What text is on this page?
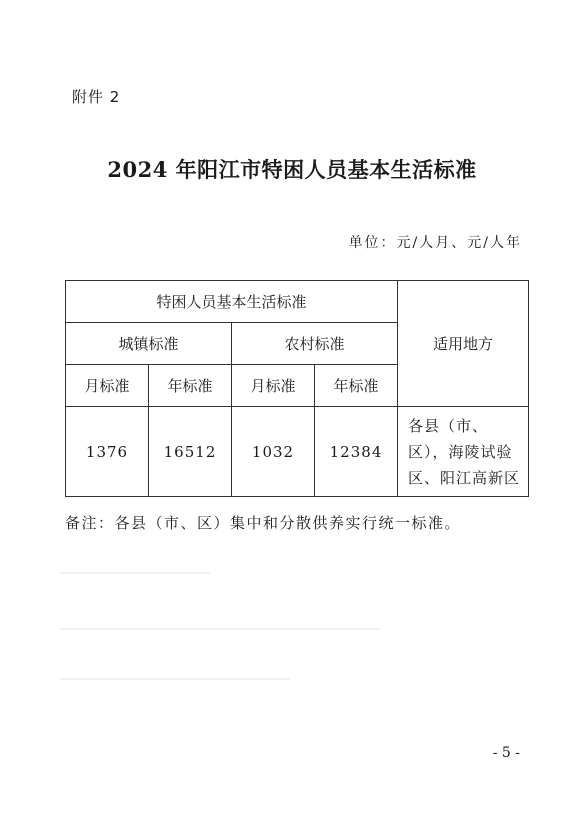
附件 2
2024 年阳江市特困人员基本生活标准
单位：元/人月、元/人年
特困人员基本生活标准				适用地方
城镇标准		农村标准		
月标准	年标准	月标准	年标准	
1376	16512	1032	12384	各县（市、区），海陵试验区、阳江高新区
备注：各县（市、区）集中和分散供养实行统一标准。
- 5 -
